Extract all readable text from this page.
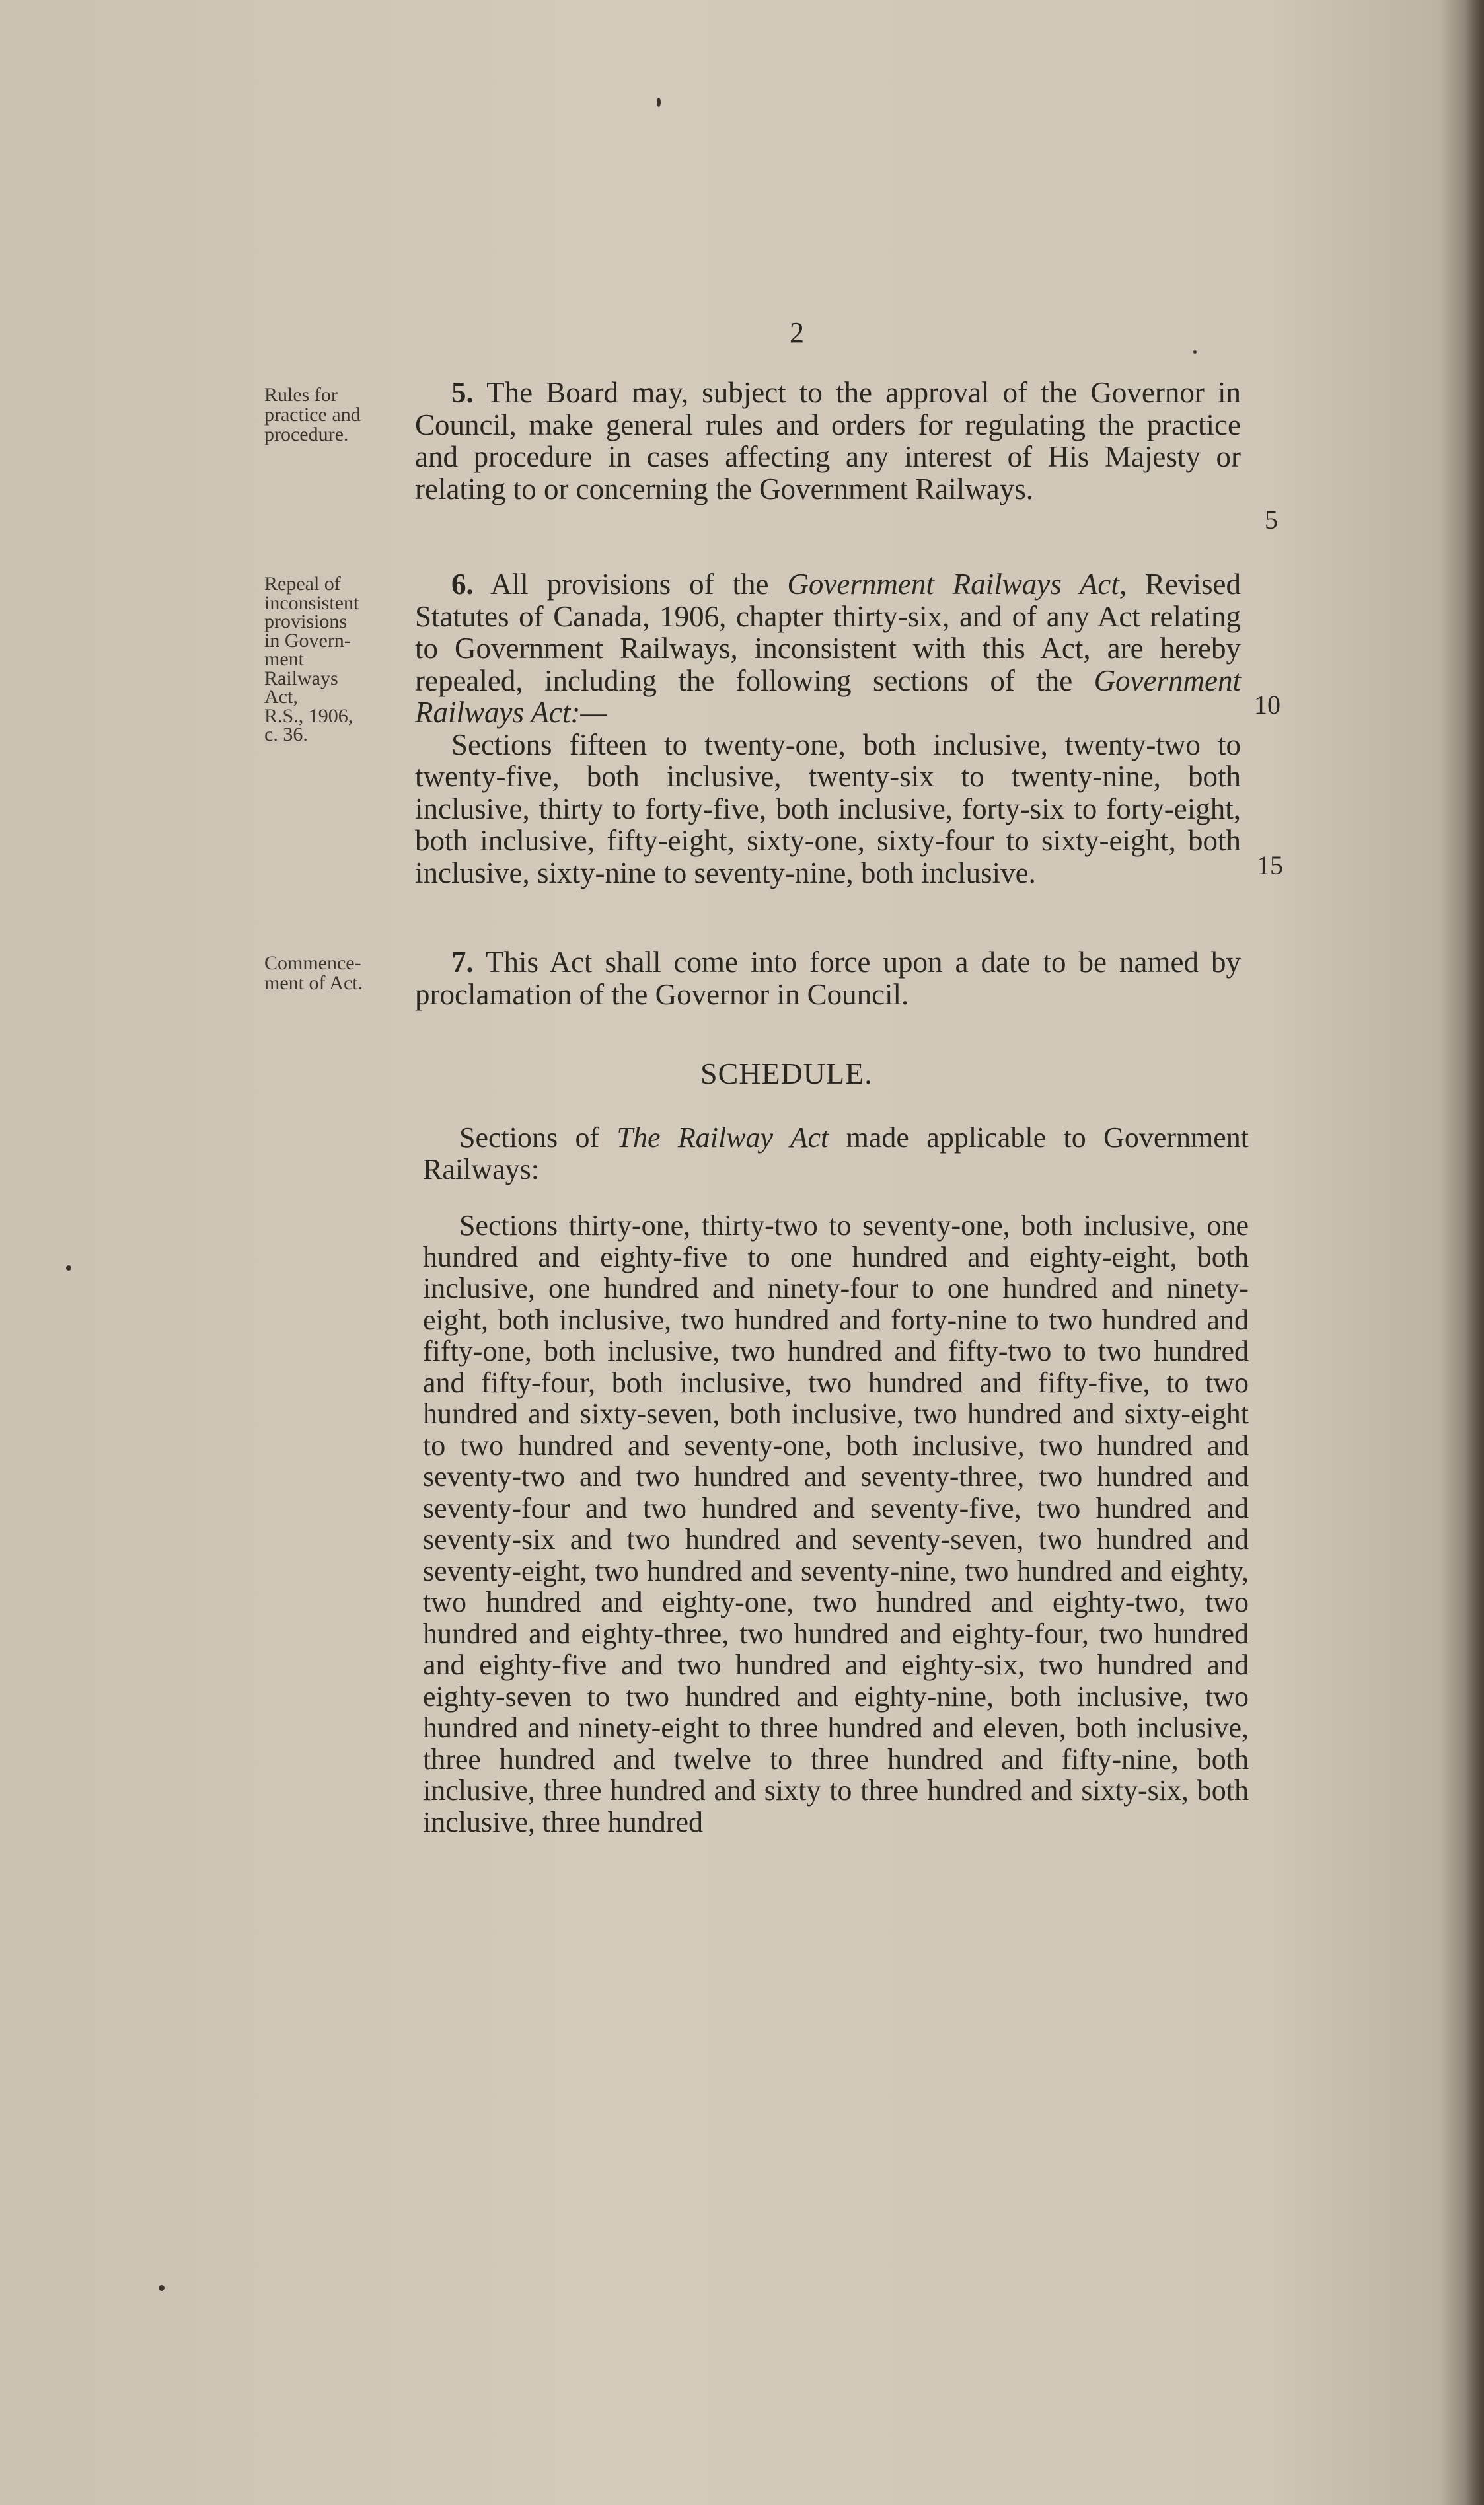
2
Rules for
practice and
procedure.
Repeal of
inconsistent
provisions
in Govern-
ment
Railways
Act,
R.S., 1906,
c. 36.
Commence-
ment of Act.

5. The Board may, subject to the approval of the Governor in Council, make general rules and orders for regulating the practice and procedure in cases affecting any interest of His Majesty or relating to or concerning the Government Railways.

5

6. All provisions of the Government Railways Act, Revised Statutes of Canada, 1906, chapter thirty-six, and of any Act relating to Government Railways, inconsistent with this Act, are hereby repealed, including the following sections of the Government Railways Act:—

Sections fifteen to twenty-one, both inclusive, twenty-two to twenty-five, both inclusive, twenty-six to twenty-nine, both inclusive, thirty to forty-five, both inclusive, forty-six to forty-eight, both inclusive, fifty-eight, sixty-one, sixty-four to sixty-eight, both inclusive, sixty-nine to seventy-nine, both inclusive.

10
15

7. This Act shall come into force upon a date to be named by proclamation of the Governor in Council.

SCHEDULE.

Sections of The Railway Act made applicable to Government Railways:

Sections thirty-one, thirty-two to seventy-one, both inclusive, one hundred and eighty-five to one hundred and eighty-eight, both inclusive, one hundred and ninety-four to one hundred and ninety-eight, both inclusive, two hundred and forty-nine to two hundred and fifty-one, both inclusive, two hundred and fifty-two to two hundred and fifty-four, both inclusive, two hundred and fifty-five, to two hundred and sixty-seven, both inclusive, two hundred and sixty-eight to two hundred and seventy-one, both inclusive, two hundred and seventy-two and two hundred and seventy-three, two hundred and seventy-four and two hundred and seventy-five, two hundred and seventy-six and two hundred and seventy-seven, two hundred and seventy-eight, two hundred and seventy-nine, two hundred and eighty, two hundred and eighty-one, two hundred and eighty-two, two hundred and eighty-three, two hundred and eighty-four, two hundred and eighty-five and two hundred and eighty-six, two hundred and eighty-seven to two hundred and eighty-nine, both inclusive, two hundred and ninety-eight to three hundred and eleven, both inclusive, three hundred and twelve to three hundred and fifty-nine, both inclusive, three hundred and sixty to three hundred and sixty-six, both inclusive, three hundred
